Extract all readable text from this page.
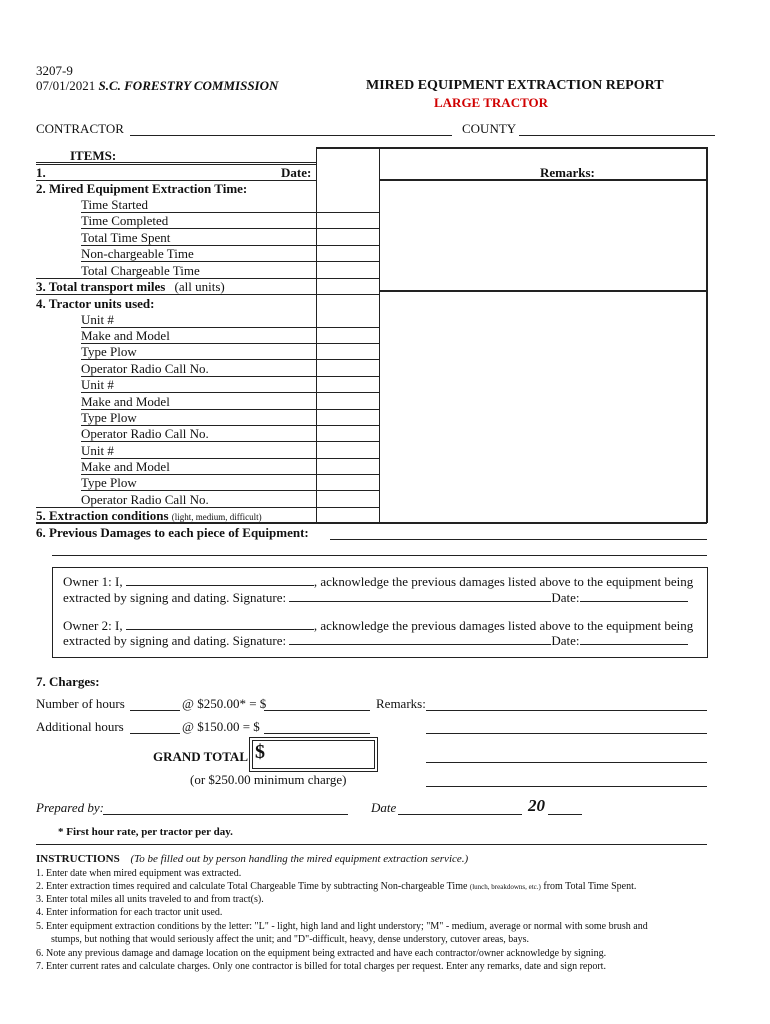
3207-9
07/01/2021 S.C. FORESTRY COMMISSION	MIRED EQUIPMENT EXTRACTION REPORT
LARGE TRACTOR
CONTRACTOR	COUNTY
ITEMS:
1.	Date:	Remarks:
2. Mired Equipment Extraction Time:
Time Started
Time Completed
Total Time Spent
Non-chargeable Time
Total Chargeable Time
3. Total transport miles (all units)
4. Tractor units used:
Unit #
Make and Model
Type Plow
Operator Radio Call No.
Unit #
Make and Model
Type Plow
Operator Radio Call No.
Unit #
Make and Model
Type Plow
Operator Radio Call No.
5. Extraction conditions (light, medium, difficult)
6. Previous Damages to each piece of Equipment:
Owner 1: I,	, acknowledge the previous damages listed above to the equipment being
extracted by signing and dating. Signature:	Date:
Owner 2: I,	, acknowledge the previous damages listed above to the equipment being
extracted by signing and dating. Signature:	Date:
7. Charges:
Number of hours	@ $250.00* = $	Remarks:
Additional hours	@ $150.00 = $
GRAND TOTAL $
(or $250.00 minimum charge)
Prepared by:	Date	20
* First hour rate, per tractor per day.
INSTRUCTIONS (To be filled out by person handling the mired equipment extraction service.)
1. Enter date when mired equipment was extracted.
2. Enter extraction times required and calculate Total Chargeable Time by subtracting Non-chargeable Time (lunch, breakdowns, etc.) from Total Time Spent.
3. Enter total miles all units traveled to and from tract(s).
4. Enter information for each tractor unit used.
5. Enter equipment extraction conditions by the letter: "L" - light, high land and light understory; "M" - medium, average or normal with some brush and
stumps, but nothing that would seriously affect the unit; and "D"-difficult, heavy, dense understory, cutover areas, bays.
6. Note any previous damage and damage location on the equipment being extracted and have each contractor/owner acknowledge by signing.
7. Enter current rates and calculate charges. Only one contractor is billed for total charges per request. Enter any remarks, date and sign report.
